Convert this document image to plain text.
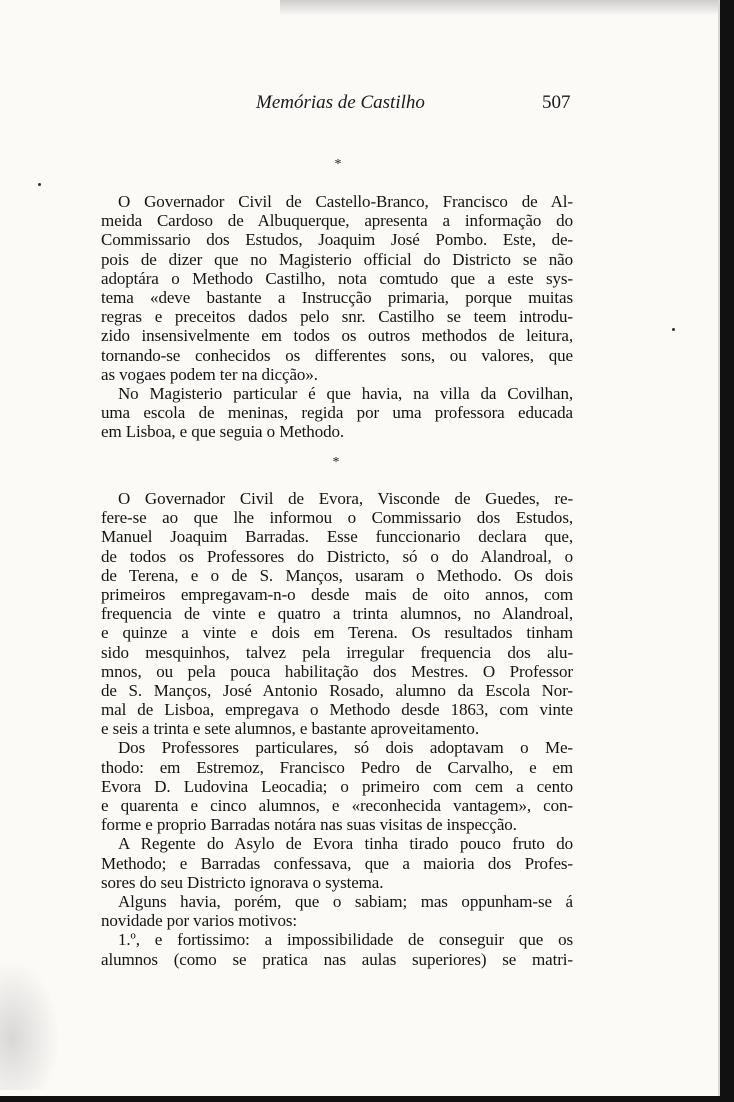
Memórias de Castilho	507
*
O Governador Civil de Castello-Branco, Francisco de Al-
meida Cardoso de Albuquerque, apresenta a informação do
Commissario dos Estudos, Joaquim José Pombo. Este, de-
pois de dizer que no Magisterio official do Districto se não
adoptára o Methodo Castilho, nota comtudo que a este sys-
tema «deve bastante a Instrucção primaria, porque muitas
regras e preceitos dados pelo snr. Castilho se teem introdu-
zido insensivelmente em todos os outros methodos de leitura,
tornando-se conhecidos os differentes sons, ou valores, que
as vogaes podem ter na dicção».
No Magisterio particular é que havia, na villa da Covilhan,
uma escola de meninas, regida por uma professora educada
em Lisboa, e que seguia o Methodo.
*
O Governador Civil de Evora, Visconde de Guedes, re-
fere-se ao que lhe informou o Commissario dos Estudos,
Manuel Joaquim Barradas. Esse funccionario declara que,
de todos os Professores do Districto, só o do Alandroal, o
de Terena, e o de S. Manços, usaram o Methodo. Os dois
primeiros empregavam-n-o desde mais de oito annos, com
frequencia de vinte e quatro a trinta alumnos, no Alandroal,
e quinze a vinte e dois em Terena. Os resultados tinham
sido mesquinhos, talvez pela irregular frequencia dos alu-
mnos, ou pela pouca habilitação dos Mestres. O Professor
de S. Manços, José Antonio Rosado, alumno da Escola Nor-
mal de Lisboa, empregava o Methodo desde 1863, com vinte
e seis a trinta e sete alumnos, e bastante aproveitamento.
Dos Professores particulares, só dois adoptavam o Me-
thodo: em Estremoz, Francisco Pedro de Carvalho, e em
Evora D. Ludovina Leocadia; o primeiro com cem a cento
e quarenta e cinco alumnos, e «reconhecida vantagem», con-
forme e proprio Barradas notára nas suas visitas de inspecção.
A Regente do Asylo de Evora tinha tirado pouco fruto do
Methodo; e Barradas confessava, que a maioria dos Profes-
sores do seu Districto ignorava o systema.
Alguns havia, porém, que o sabiam; mas oppunham-se á
novidade por varios motivos:
1.º, e fortissimo: a impossibilidade de conseguir que os
alumnos (como se pratica nas aulas superiores) se matri-
